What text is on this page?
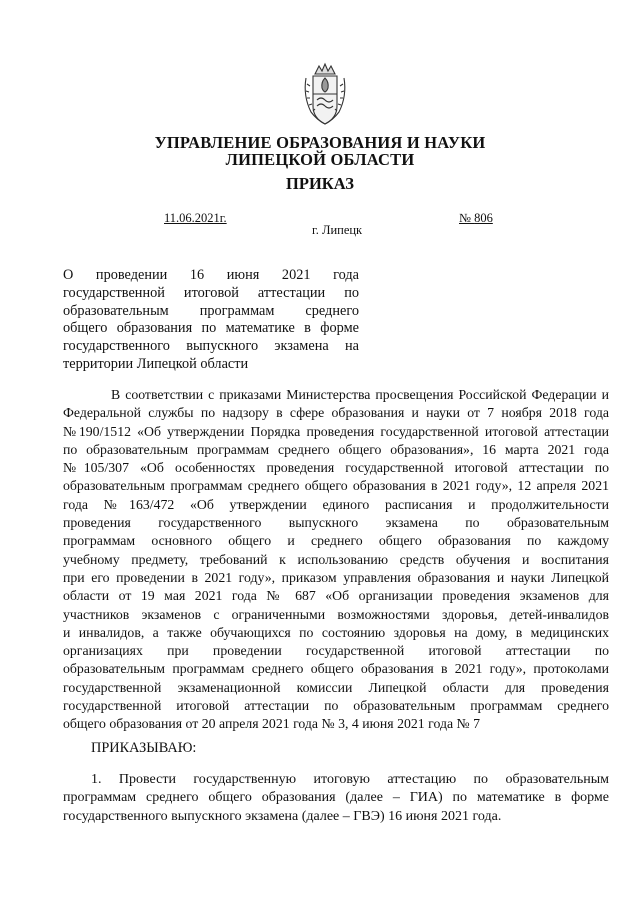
УПРАВЛЕНИЕ ОБРАЗОВАНИЯ И НАУКИ
ЛИПЕЦКОЙ ОБЛАСТИ
ПРИКАЗ
11.06.2021г.	№ 806
г. Липецк
О проведении 16 июня 2021 года
государственной итоговой аттестации по
образовательным программам среднего
общего образования по математике в форме
государственного выпускного экзамена на
территории Липецкой области
В соответствии с приказами Министерства просвещения Российской Федерации и
Федеральной службы по надзору в сфере образования и науки от 7 ноября 2018 года
№190/1512 «Об утверждении Порядка проведения государственной итоговой аттестации
по образовательным программам среднего общего образования», 16 марта 2021 года
№105/307 «Об особенностях проведения государственной итоговой аттестации по
образовательным программам среднего общего образования в 2021 году», 12 апреля 2021
года №163/472 «Об утверждении единого расписания и продолжительности
проведения государственного выпускного экзамена по образовательным
программам основного общего и среднего общего образования по каждому
учебному предмету, требований к использованию средств обучения и воспитания
при его проведении в 2021 году», приказом управления образования и науки Липецкой
области от 19 мая 2021 года № 687 «Об организации проведения экзаменов для
участников экзаменов с ограниченными возможностями здоровья, детей-инвалидов
и инвалидов, а также обучающихся по состоянию здоровья на дому, в медицинских
организациях при проведении государственной итоговой аттестации по
образовательным программам среднего общего образования в 2021 году», протоколами
государственной экзаменационной комиссии Липецкой области для проведения
государственной итоговой аттестации по образовательным программам среднего
общего образования от 20 апреля 2021 года № 3, 4 июня 2021 года № 7
ПРИКАЗЫВАЮ:
1. Провести государственную итоговую аттестацию по образовательным
программам среднего общего образования (далее – ГИА) по математике в форме
государственного выпускного экзамена (далее – ГВЭ) 16 июня 2021 года.
